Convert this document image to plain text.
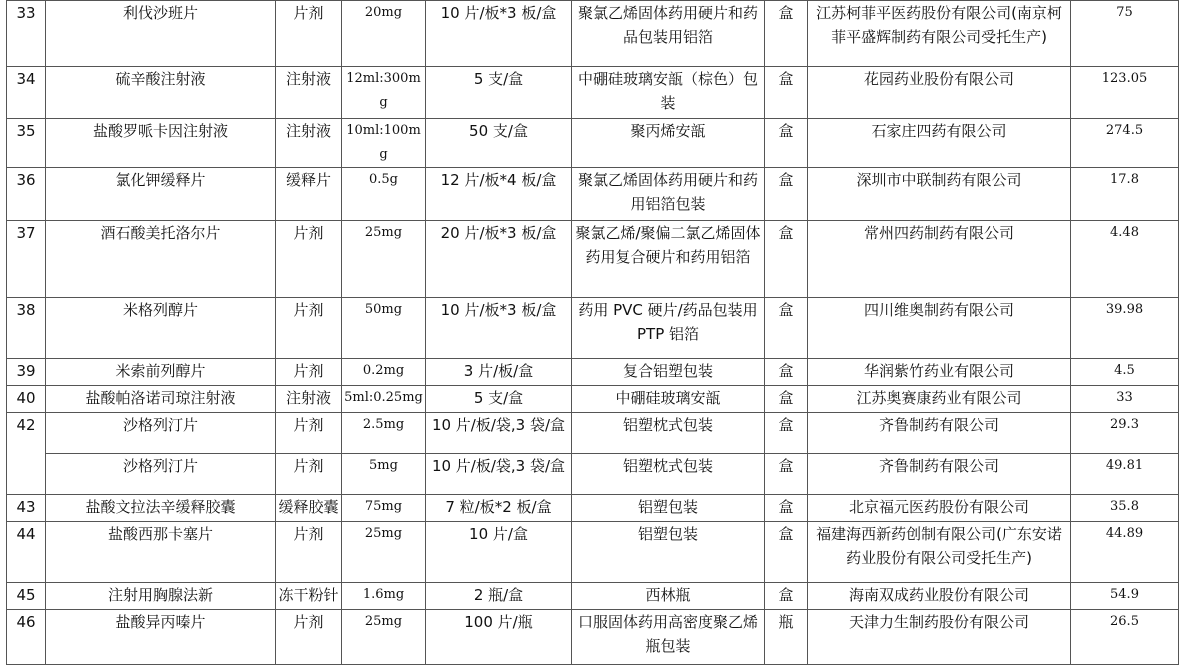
33	利伐沙班片	片剂	20mg	10 片/板*3 板/盒	聚氯乙烯固体药用硬片和药品包装用铝箔	盒	江苏柯菲平医药股份有限公司(南京柯菲平盛辉制药有限公司受托生产)	75
34	硫辛酸注射液	注射液	12ml:300mg	5 支/盒	中硼硅玻璃安瓿（棕色）包装	盒	花园药业股份有限公司	123.05
35	盐酸罗哌卡因注射液	注射液	10ml:100mg	50 支/盒	聚丙烯安瓿	盒	石家庄四药有限公司	274.5
36	氯化钾缓释片	缓释片	0.5g	12 片/板*4 板/盒	聚氯乙烯固体药用硬片和药用铝箔包装	盒	深圳市中联制药有限公司	17.8
37	酒石酸美托洛尔片	片剂	25mg	20 片/板*3 板/盒	聚氯乙烯/聚偏二氯乙烯固体药用复合硬片和药用铝箔	盒	常州四药制药有限公司	4.48
38	米格列醇片	片剂	50mg	10 片/板*3 板/盒	药用 PVC 硬片/药品包装用 PTP 铝箔	盒	四川维奥制药有限公司	39.98
39	米索前列醇片	片剂	0.2mg	3 片/板/盒	复合铝塑包装	盒	华润紫竹药业有限公司	4.5
40	盐酸帕洛诺司琼注射液	注射液	5ml:0.25mg	5 支/盒	中硼硅玻璃安瓿	盒	江苏奥赛康药业有限公司	33
42	沙格列汀片	片剂	2.5mg	10 片/板/袋,3 袋/盒	铝塑枕式包装	盒	齐鲁制药有限公司	29.3
	沙格列汀片	片剂	5mg	10 片/板/袋,3 袋/盒	铝塑枕式包装	盒	齐鲁制药有限公司	49.81
43	盐酸文拉法辛缓释胶囊	缓释胶囊	75mg	7 粒/板*2 板/盒	铝塑包装	盒	北京福元医药股份有限公司	35.8
44	盐酸西那卡塞片	片剂	25mg	10 片/盒	铝塑包装	盒	福建海西新药创制有限公司(广东安诺药业股份有限公司受托生产)	44.89
45	注射用胸腺法新	冻干粉针	1.6mg	2 瓶/盒	西林瓶	盒	海南双成药业股份有限公司	54.9
46	盐酸异丙嗪片	片剂	25mg	100 片/瓶	口服固体药用高密度聚乙烯瓶包装	瓶	天津力生制药股份有限公司	26.5
